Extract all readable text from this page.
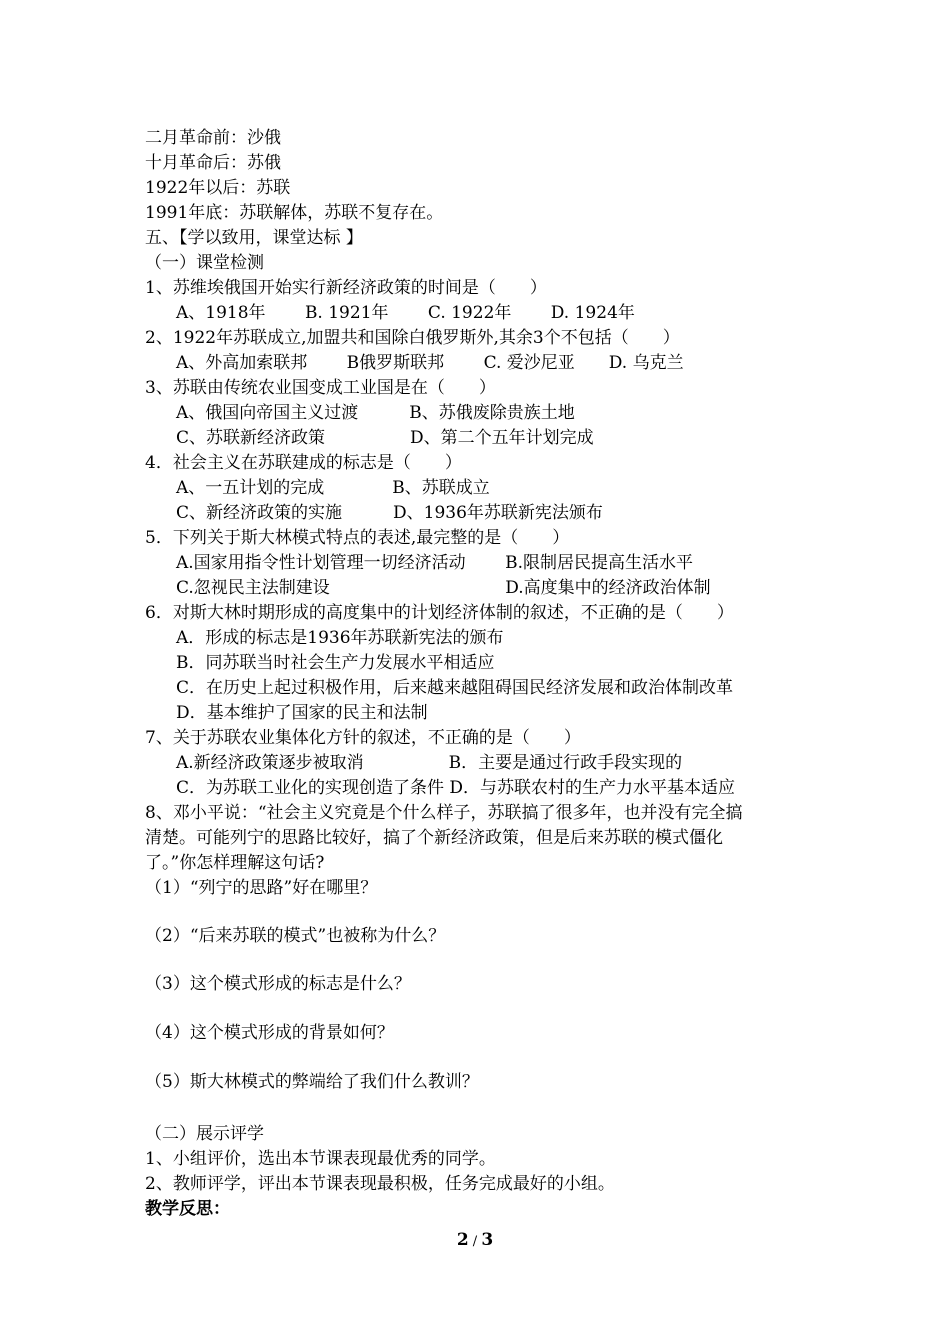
二月革命前：沙俄
十月革命后：苏俄
1922年以后：苏联
1991年底：苏联解体，苏联不复存在。
五、【学以致用，课堂达标 】
（一）课堂检测
1、苏维埃俄国开始实行新经济政策的时间是（　　）
A、1918年　　 B. 1921年　　 C. 1922年　　 D. 1924年
2、1922年苏联成立,加盟共和国除白俄罗斯外,其余3个不包括（　　）
A、外高加索联邦　　 B俄罗斯联邦　　 C. 爱沙尼亚　　D. 乌克兰
3、苏联由传统农业国变成工业国是在（　　）
A、俄国向帝国主义过渡　　　B、苏俄废除贵族土地
C、苏联新经济政策　　　　　D、第二个五年计划完成
4．社会主义在苏联建成的标志是（　　）
A、一五计划的完成　　　　B、苏联成立
C、新经济政策的实施　　　D、1936年苏联新宪法颁布
5．下列关于斯大林模式特点的表述,最完整的是（　　）
A.国家用指令性计划管理一切经济活动　　 B.限制居民提高生活水平
C.忽视民主法制建设　　　　　　　　　　 D.高度集中的经济政治体制
6．对斯大林时期形成的高度集中的计划经济体制的叙述，不正确的是（　　）
A．形成的标志是1936年苏联新宪法的颁布
B．同苏联当时社会生产力发展水平相适应
C．在历史上起过积极作用，后来越来越阻碍国民经济发展和政治体制改革
D．基本维护了国家的民主和法制
7、关于苏联农业集体化方针的叙述，不正确的是（　　）
A.新经济政策逐步被取消　　　　　B．主要是通过行政手段实现的
C．为苏联工业化的实现创造了条件 D．与苏联农村的生产力水平基本适应
8、邓小平说：“社会主义究竟是个什么样子，苏联搞了很多年，也并没有完全搞
清楚。可能列宁的思路比较好，搞了个新经济政策，但是后来苏联的模式僵化
了。”你怎样理解这句话?
（1）“列宁的思路”好在哪里？
（2）“后来苏联的模式”也被称为什么？
（3）这个模式形成的标志是什么？
（4）这个模式形成的背景如何？
（5）斯大林模式的弊端给了我们什么教训？
（二）展示评学
1、小组评价，选出本节课表现最优秀的同学。
2、教师评学，评出本节课表现最积极，任务完成最好的小组。
教学反思：
2 / 3
